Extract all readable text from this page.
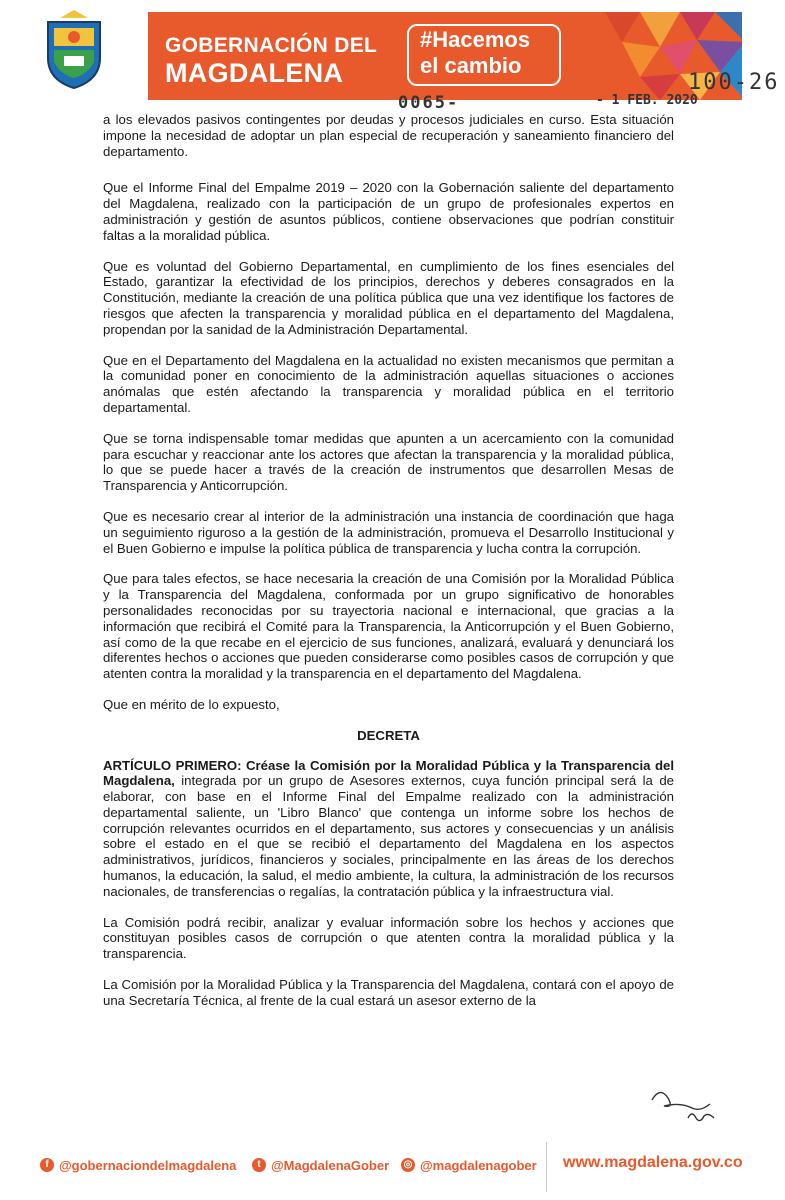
GOBERNACIÓN DEL
MAGDALENA
#Hacemos
el cambio
100-26
0065-	- 1 FEB. 2020

a los elevados pasivos contingentes por deudas y procesos judiciales en curso. Esta situación impone la necesidad de adoptar un plan especial de recuperación y saneamiento financiero del departamento.

Que el Informe Final del Empalme 2019 – 2020 con la Gobernación saliente del departamento del Magdalena, realizado con la participación de un grupo de profesionales expertos en administración y gestión de asuntos públicos, contiene observaciones que podrían constituir faltas a la moralidad pública.

Que es voluntad del Gobierno Departamental, en cumplimiento de los fines esenciales del Estado, garantizar la efectividad de los principios, derechos y deberes consagrados en la Constitución, mediante la creación de una política pública que una vez identifique los factores de riesgos que afecten la transparencia y moralidad pública en el departamento del Magdalena, propendan por la sanidad de la Administración Departamental.

Que en el Departamento del Magdalena en la actualidad no existen mecanismos que permitan a la comunidad poner en conocimiento de la administración aquellas situaciones o acciones anómalas que estén afectando la transparencia y moralidad pública en el territorio departamental.

Que se torna indispensable tomar medidas que apunten a un acercamiento con la comunidad para escuchar y reaccionar ante los actores que afectan la transparencia y la moralidad pública, lo que se puede hacer a través de la creación de instrumentos que desarrollen Mesas de Transparencia y Anticorrupción.

Que es necesario crear al interior de la administración una instancia de coordinación que haga un seguimiento riguroso a la gestión de la administración, promueva el Desarrollo Institucional y el Buen Gobierno e impulse la política pública de transparencia y lucha contra la corrupción.

Que para tales efectos, se hace necesaria la creación de una Comisión por la Moralidad Pública y la Transparencia del Magdalena, conformada por un grupo significativo de honorables personalidades reconocidas por su trayectoria nacional e internacional, que gracias a la información que recibirá el Comité para la Transparencia, la Anticorrupción y el Buen Gobierno, así como de la que recabe en el ejercicio de sus funciones, analizará, evaluará y denunciará los diferentes hechos o acciones que pueden considerarse como posibles casos de corrupción y que atenten contra la moralidad y la transparencia en el departamento del Magdalena.

Que en mérito de lo expuesto,

DECRETA

ARTÍCULO PRIMERO: Créase la Comisión por la Moralidad Pública y la Transparencia del Magdalena, integrada por un grupo de Asesores externos, cuya función principal será la de elaborar, con base en el Informe Final del Empalme realizado con la administración departamental saliente, un 'Libro Blanco' que contenga un informe sobre los hechos de corrupción relevantes ocurridos en el departamento, sus actores y consecuencias y un análisis sobre el estado en el que se recibió el departamento del Magdalena en los aspectos administrativos, jurídicos, financieros y sociales, principalmente en las áreas de los derechos humanos, la educación, la salud, el medio ambiente, la cultura, la administración de los recursos nacionales, de transferencias o regalías, la contratación pública y la infraestructura vial.

La Comisión podrá recibir, analizar y evaluar información sobre los hechos y acciones que constituyan posibles casos de corrupción o que atenten contra la moralidad pública y la transparencia.

La Comisión por la Moralidad Pública y la Transparencia del Magdalena, contará con el apoyo de una Secretaría Técnica, al frente de la cual estará un asesor externo de la

f @gobernaciondelmagdalena	t @MagdalenaGober ◎ @magdalenagober www.magdalena.gov.co
